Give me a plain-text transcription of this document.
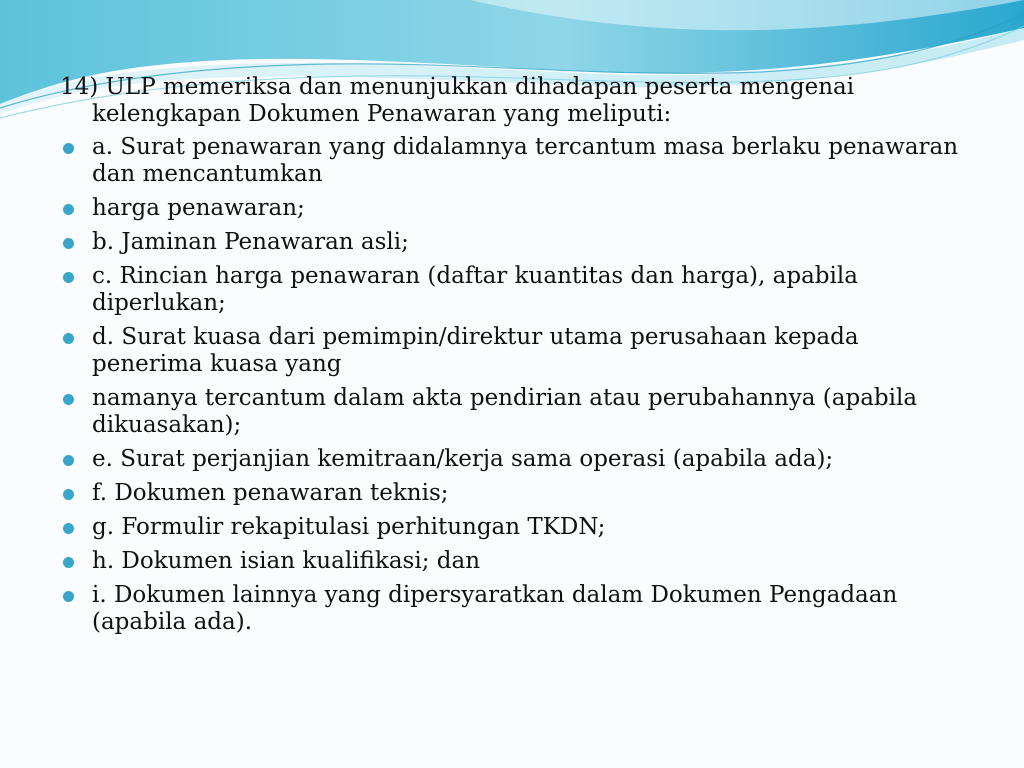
14) ULP memeriksa dan menunjukkan dihadapan peserta mengenai kelengkapan Dokumen Penawaran yang meliputi:
a. Surat penawaran yang didalamnya tercantum masa berlaku penawaran dan mencantumkan
harga penawaran;
b. Jaminan Penawaran asli;
c. Rincian harga penawaran (daftar kuantitas dan harga), apabila diperlukan;
d. Surat kuasa dari pemimpin/direktur utama perusahaan kepada penerima kuasa yang
namanya tercantum dalam akta pendirian atau perubahannya (apabila dikuasakan);
e. Surat perjanjian kemitraan/kerja sama operasi (apabila ada);
f. Dokumen penawaran teknis;
g. Formulir rekapitulasi perhitungan TKDN;
h. Dokumen isian kualifikasi; dan
i. Dokumen lainnya yang dipersyaratkan dalam Dokumen Pengadaan (apabila ada).
